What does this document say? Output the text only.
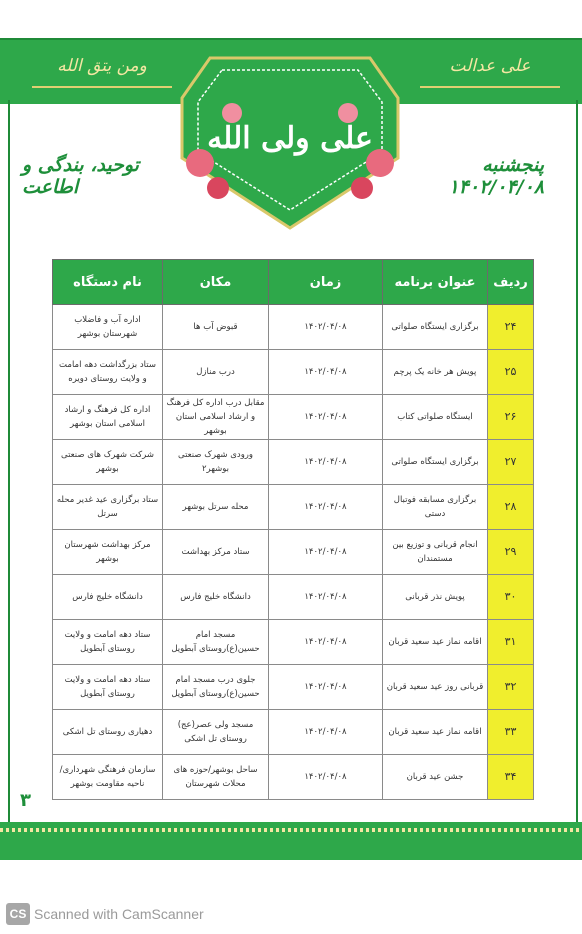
ومن یتق الله	علی عدالت
علی ولی الله
توحید، بندگی و اطاعت
پنجشنبه ۱۴۰۲/۰۴/۰۸
ردیف	عنوان برنامه	زمان	مکان	نام دستگاه
۲۴	برگزاری ایستگاه صلواتی	۱۴۰۲/۰۴/۰۸	قبوض آب ها	اداره آب و فاضلاب شهرستان بوشهر
۲۵	پویش هر خانه یک پرچم	۱۴۰۲/۰۴/۰۸	درب منازل	ستاد بزرگداشت دهه امامت و ولایت روستای دویره
۲۶	ایستگاه صلواتی کتاب	۱۴۰۲/۰۴/۰۸	مقابل درب اداره کل فرهنگ و ارشاد اسلامی استان بوشهر	اداره کل فرهنگ و ارشاد اسلامی استان بوشهر
۲۷	برگزاری ایستگاه صلواتی	۱۴۰۲/۰۴/۰۸	ورودی شهرک صنعتی بوشهر۲	شرکت شهرک های صنعتی بوشهر
۲۸	برگزاری مسابقه فوتبال دستی	۱۴۰۲/۰۴/۰۸	محله سرتل بوشهر	ستاد برگزاری عید غدیر محله سرتل
۲۹	انجام قربانی و توزیع بین مستمندان	۱۴۰۲/۰۴/۰۸	ستاد مرکز بهداشت	مرکز بهداشت شهرستان بوشهر
۳۰	پویش نذر قربانی	۱۴۰۲/۰۴/۰۸	دانشگاه خلیج فارس	دانشگاه خلیج فارس
۳۱	اقامه نماز عید سعید قربان	۱۴۰۲/۰۴/۰۸	مسجد امام حسین(ع)روستای آبطویل	ستاد دهه امامت و ولایت روستای آبطویل
۳۲	قربانی روز عید سعید قربان	۱۴۰۲/۰۴/۰۸	جلوی درب مسجد امام حسین(ع)روستای آبطویل	ستاد دهه امامت و ولایت روستای آبطویل
۳۳	اقامه نماز عید سعید قربان	۱۴۰۲/۰۴/۰۸	مسجد ولی عصر(عج) روستای تل اشکی	دهیاری روستای تل اشکی
۳۴	جشن عید قربان	۱۴۰۲/۰۴/۰۸	ساحل بوشهر/حوزه های محلات شهرستان	سازمان فرهنگی شهرداری/ناحیه مقاومت بوشهر
۳
CS Scanned with CamScanner
